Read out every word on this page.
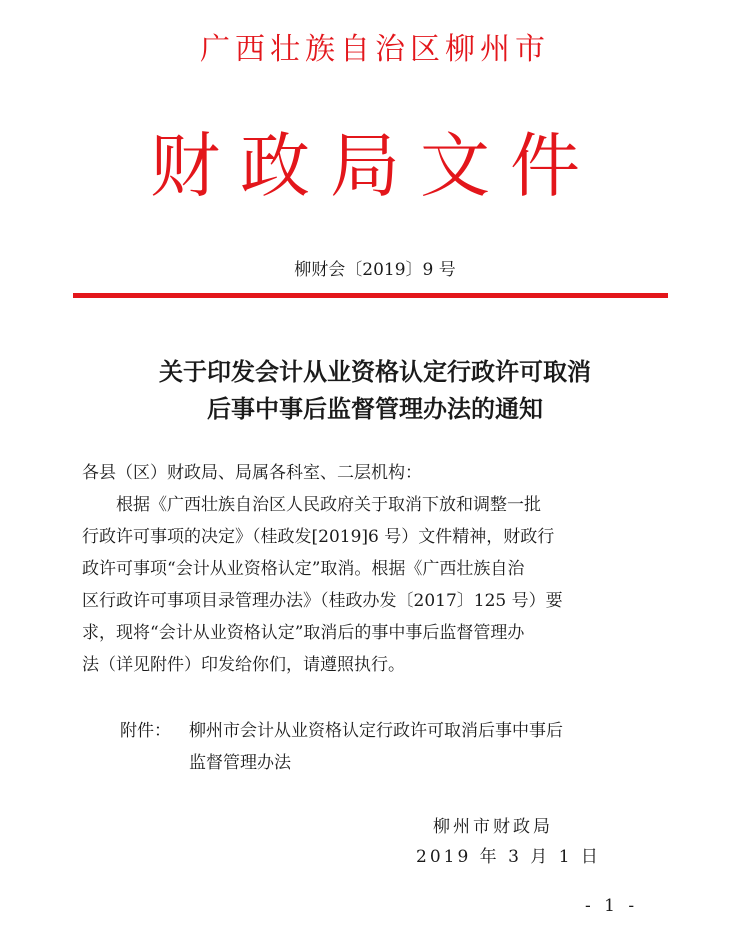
广西壮族自治区柳州市
财政局文件
柳财会〔2019〕9 号
关于印发会计从业资格认定行政许可取消
后事中事后监督管理办法的通知
各县（区）财政局、局属各科室、二层机构：
根据《广西壮族自治区人民政府关于取消下放和调整一批
行政许可事项的决定》（桂政发[2019]6 号）文件精神，财政行
政许可事项“会计从业资格认定”取消。根据《广西壮族自治
区行政许可事项目录管理办法》（桂政办发〔2017〕125 号）要
求，现将“会计从业资格认定”取消后的事中事后监督管理办
法（详见附件）印发给你们，请遵照执行。
附件： 柳州市会计从业资格认定行政许可取消后事中事后
监督管理办法
柳州市财政局
2019 年 3 月 1 日
- 1 -
